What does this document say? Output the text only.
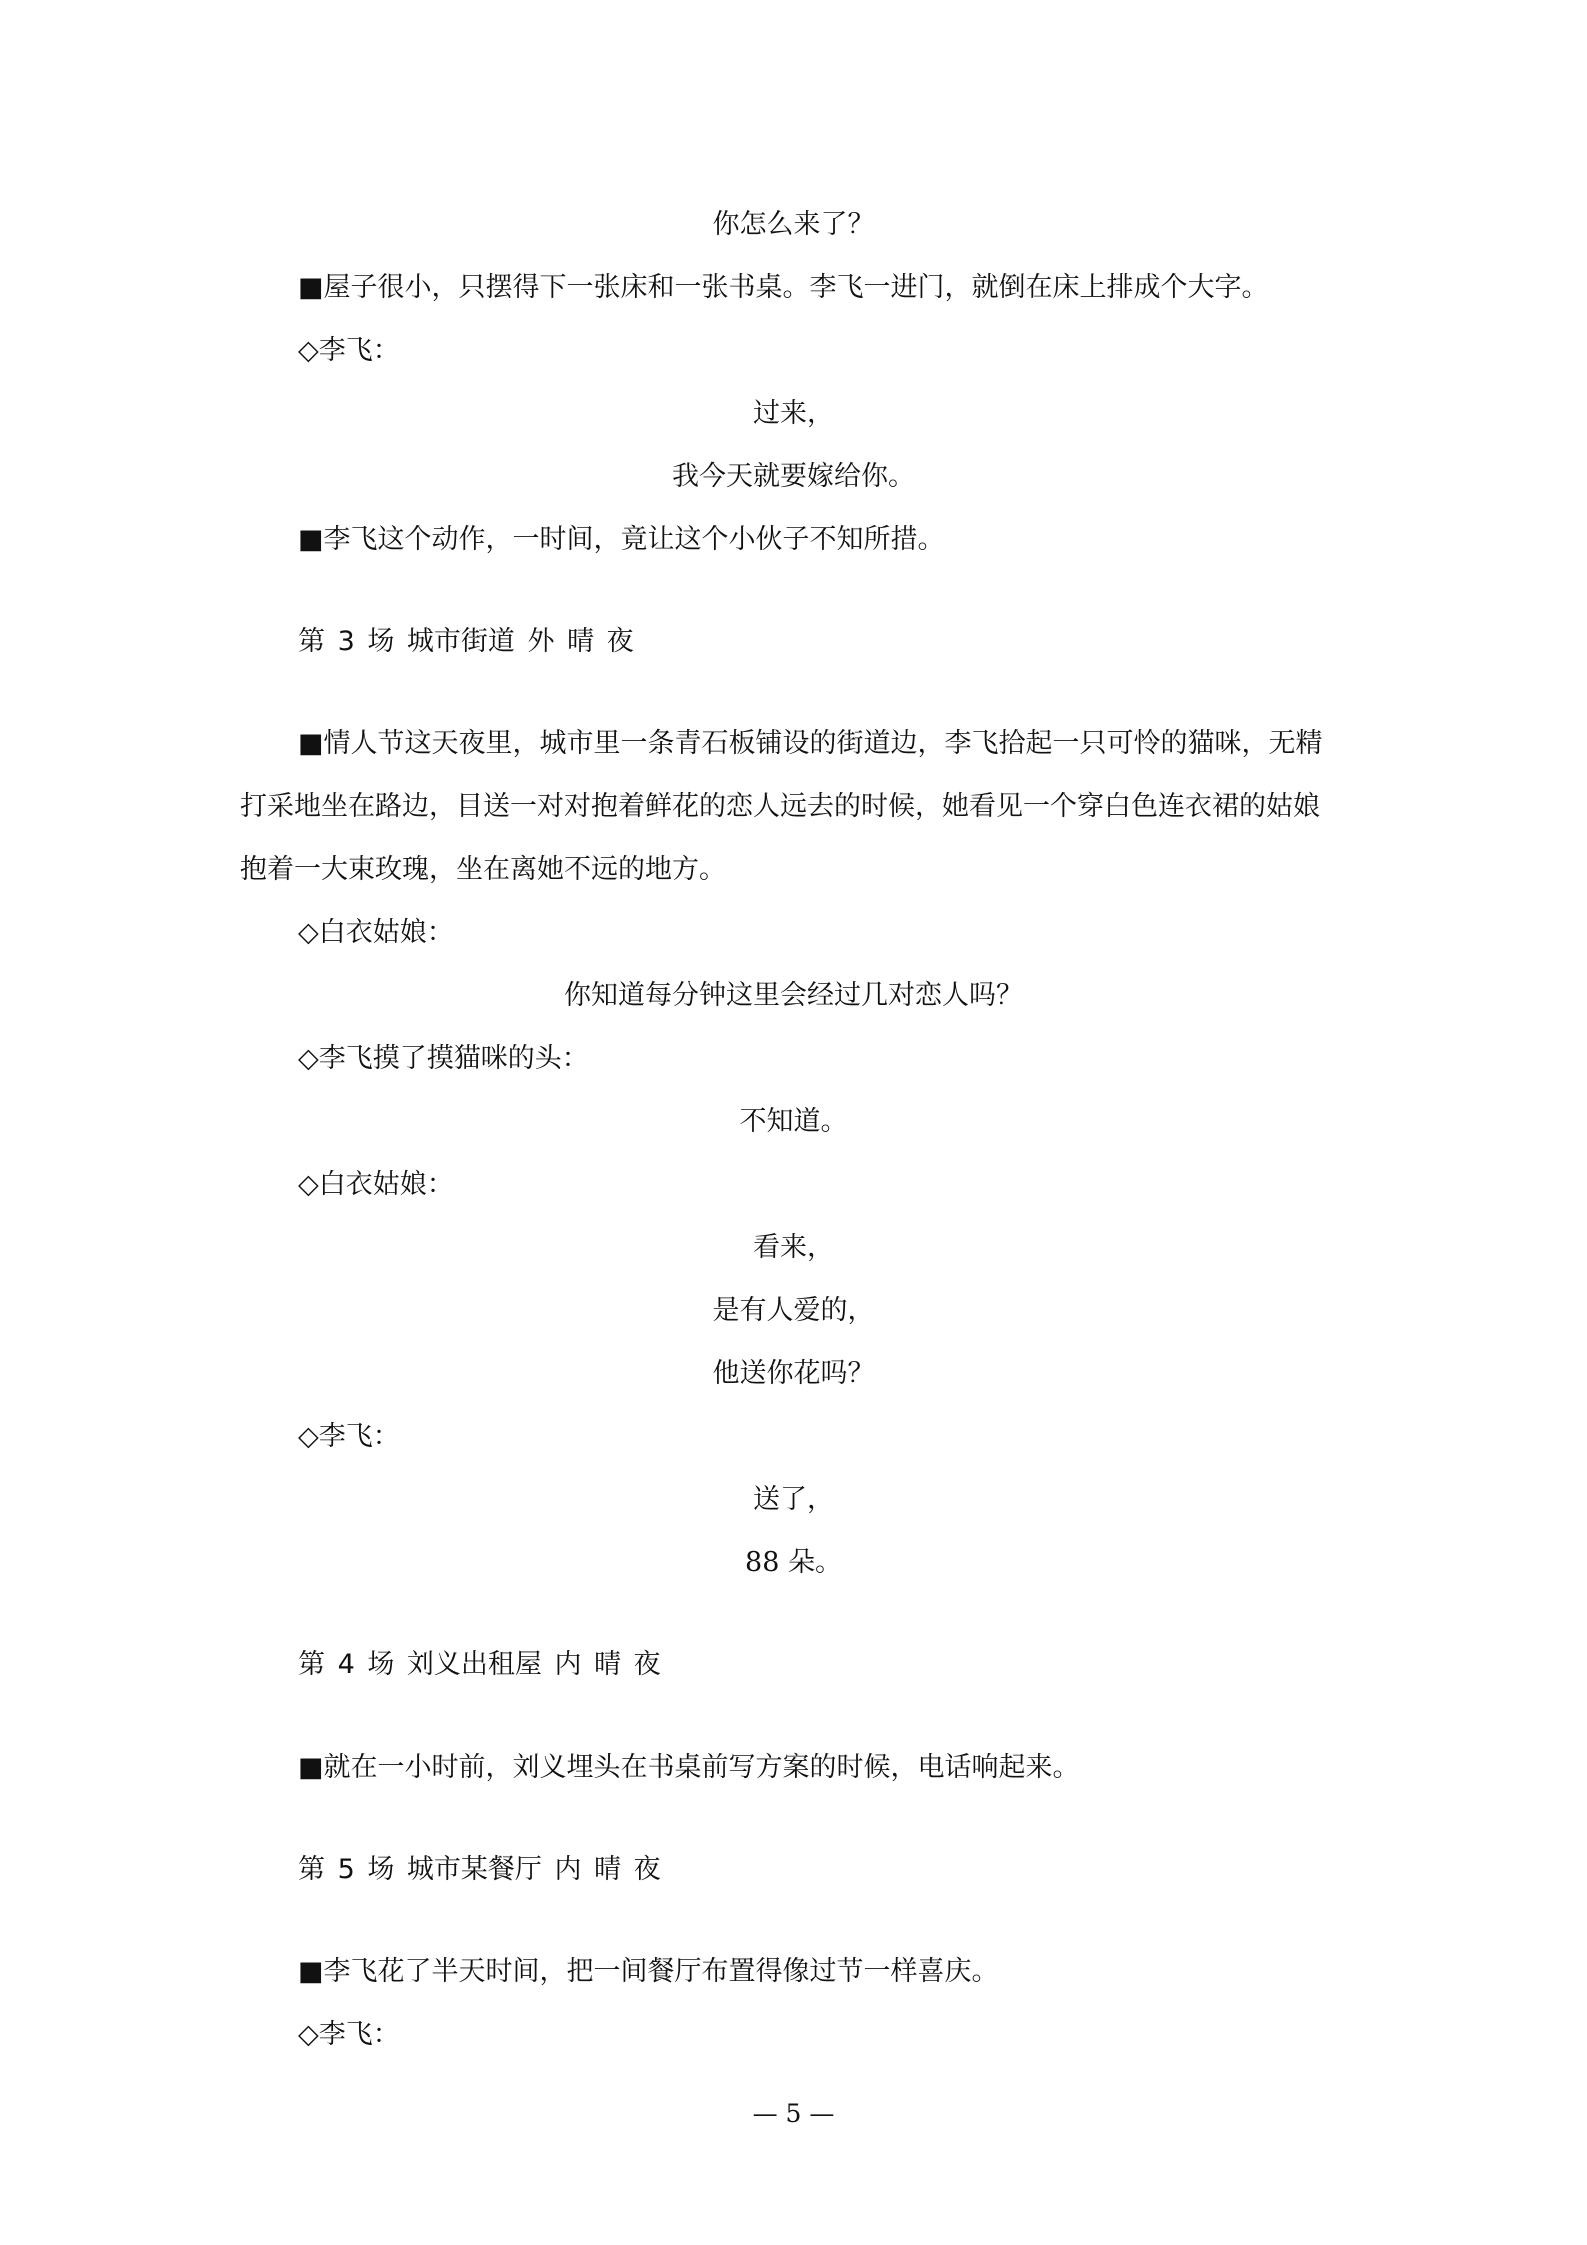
你怎么来了？
■屋子很小，只摆得下一张床和一张书桌。李飞一进门，就倒在床上排成个大字。
◇李飞：
过来，
我今天就要嫁给你。
■李飞这个动作，一时间，竟让这个小伙子不知所措。
第 3 场 城市街道 外 晴 夜
■情人节这天夜里，城市里一条青石板铺设的街道边，李飞拾起一只可怜的猫咪，无精
打采地坐在路边，目送一对对抱着鲜花的恋人远去的时候，她看见一个穿白色连衣裙的姑娘
抱着一大束玫瑰，坐在离她不远的地方。
◇白衣姑娘：
你知道每分钟这里会经过几对恋人吗？
◇李飞摸了摸猫咪的头：
不知道。
◇白衣姑娘：
看来，
是有人爱的，
他送你花吗？
◇李飞：
送了，
88 朵。
第 4 场 刘义出租屋 内 晴 夜
■就在一小时前，刘义埋头在书桌前写方案的时候，电话响起来。
第 5 场 城市某餐厅 内 晴 夜
■李飞花了半天时间，把一间餐厅布置得像过节一样喜庆。
◇李飞：
— 5 —
